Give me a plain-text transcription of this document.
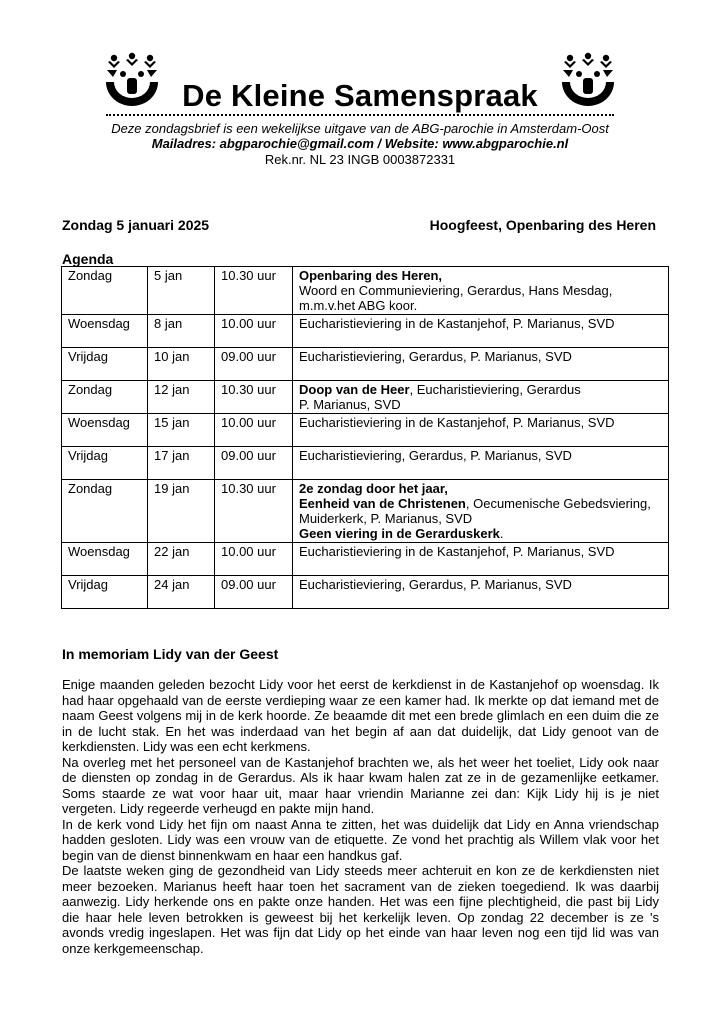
De Kleine Samenspraak
Deze zondagsbrief is een wekelijkse uitgave van de ABG-parochie in Amsterdam-Oost
Mailadres: abgparochie@gmail.com / Website: www.abgparochie.nl
Rek.nr. NL 23 INGB 0003872331
Zondag 5 januari 2025	Hoogfeest, Openbaring des Heren
Agenda
Zondag	5 jan	10.30 uur	Openbaring des Heren,
Woord en Communieviering, Gerardus, Hans Mesdag,
m.m.v.het ABG koor.

Woensdag	8 jan	10.00 uur	Eucharistieviering in de Kastanjehof, P. Marianus, SVD

Vrijdag	10 jan	09.00 uur	Eucharistieviering, Gerardus, P. Marianus, SVD

Zondag	12 jan	10.30 uur	Doop van de Heer, Eucharistieviering, Gerardus
P. Marianus, SVD

Woensdag	15 jan	10.00 uur	Eucharistieviering in de Kastanjehof, P. Marianus, SVD

Vrijdag	17 jan	09.00 uur	Eucharistieviering, Gerardus, P. Marianus, SVD

Zondag	19 jan	10.30 uur	2e zondag door het jaar,
Eenheid van de Christenen, Oecumenische Gebedsviering,
Muiderkerk, P. Marianus, SVD
Geen viering in de Gerarduskerk.

Woensdag	22 jan	10.00 uur	Eucharistieviering in de Kastanjehof, P. Marianus, SVD

Vrijdag	24 jan	09.00 uur	Eucharistieviering, Gerardus, P. Marianus, SVD

In memoriam Lidy van der Geest

Enige maanden geleden bezocht Lidy voor het eerst de kerkdienst in de Kastanjehof op woensdag. Ik had haar opgehaald van de eerste verdieping waar ze een kamer had. Ik merkte op dat iemand met de naam Geest volgens mij in de kerk hoorde. Ze beaamde dit met een brede glimlach en een duim die ze in de lucht stak. En het was inderdaad van het begin af aan dat duidelijk, dat Lidy genoot van de kerkdiensten. Lidy was een echt kerkmens.

Na overleg met het personeel van de Kastanjehof brachten we, als het weer het toeliet, Lidy ook naar de diensten op zondag in de Gerardus. Als ik haar kwam halen zat ze in de gezamenlijke eetkamer. Soms staarde ze wat voor haar uit, maar haar vriendin Marianne zei dan: Kijk Lidy hij is je niet vergeten. Lidy regeerde verheugd en pakte mijn hand.

In de kerk vond Lidy het fijn om naast Anna te zitten, het was duidelijk dat Lidy en Anna vriendschap hadden gesloten. Lidy was een vrouw van de etiquette. Ze vond het prachtig als Willem vlak voor het begin van de dienst binnenkwam en haar een handkus gaf.

De laatste weken ging de gezondheid van Lidy steeds meer achteruit en kon ze de kerkdiensten niet meer bezoeken. Marianus heeft haar toen het sacrament van de zieken toegediend. Ik was daarbij aanwezig. Lidy herkende ons en pakte onze handen. Het was een fijne plechtigheid, die past bij Lidy die haar hele leven betrokken is geweest bij het kerkelijk leven. Op zondag 22 december is ze 's avonds vredig ingeslapen. Het was fijn dat Lidy op het einde van haar leven nog een tijd lid was van onze kerkgemeenschap.
